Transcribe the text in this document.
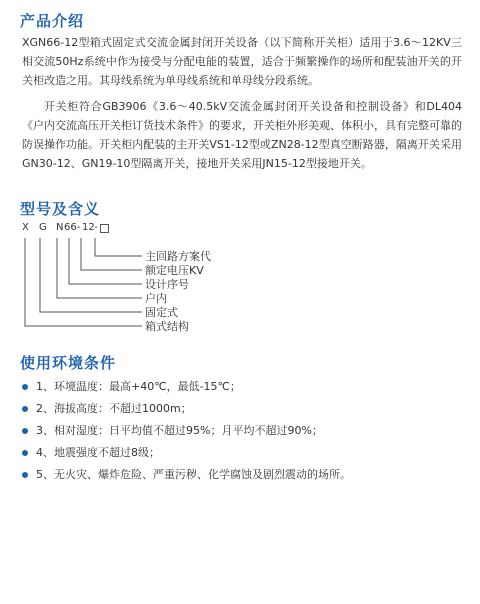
产品介绍

XGN66-12型箱式固定式交流金属封闭开关设备（以下简称开关柜）适用于3.6～12KV三相交流50Hz系统中作为接受与分配电能的装置，适合于频繁操作的场所和配装油开关的开关柜改造之用。其母线系统为单母线系统和单母线分段系统。

开关柜符合GB3906《3.6～40.5kV交流金属封闭开关设备和控制设备》和DL404《户内交流高压开关柜订货技术条件》的要求，开关柜外形美观、体积小，具有完整可靠的防误操作功能。开关柜内配装的主开关VS1-12型或ZN28-12型真空断路器，隔离开关采用GN30-12、GN19-10型隔离开关，接地开关采用JN15-12型接地开关。

型号及含义
X G N 66 - 12 -
主回路方案代
额定电压KV
设计序号
户内
固定式
箱式结构
使用环境条件
1、环境温度：最高+40℃，最低-15℃；
2、海拔高度：不超过1000m；
3、相对湿度：日平均值不超过95%；月平均不超过90%；
4、地震强度不超过8级；
5、无火灾、爆炸危险、严重污秽、化学腐蚀及剧烈震动的场所。
